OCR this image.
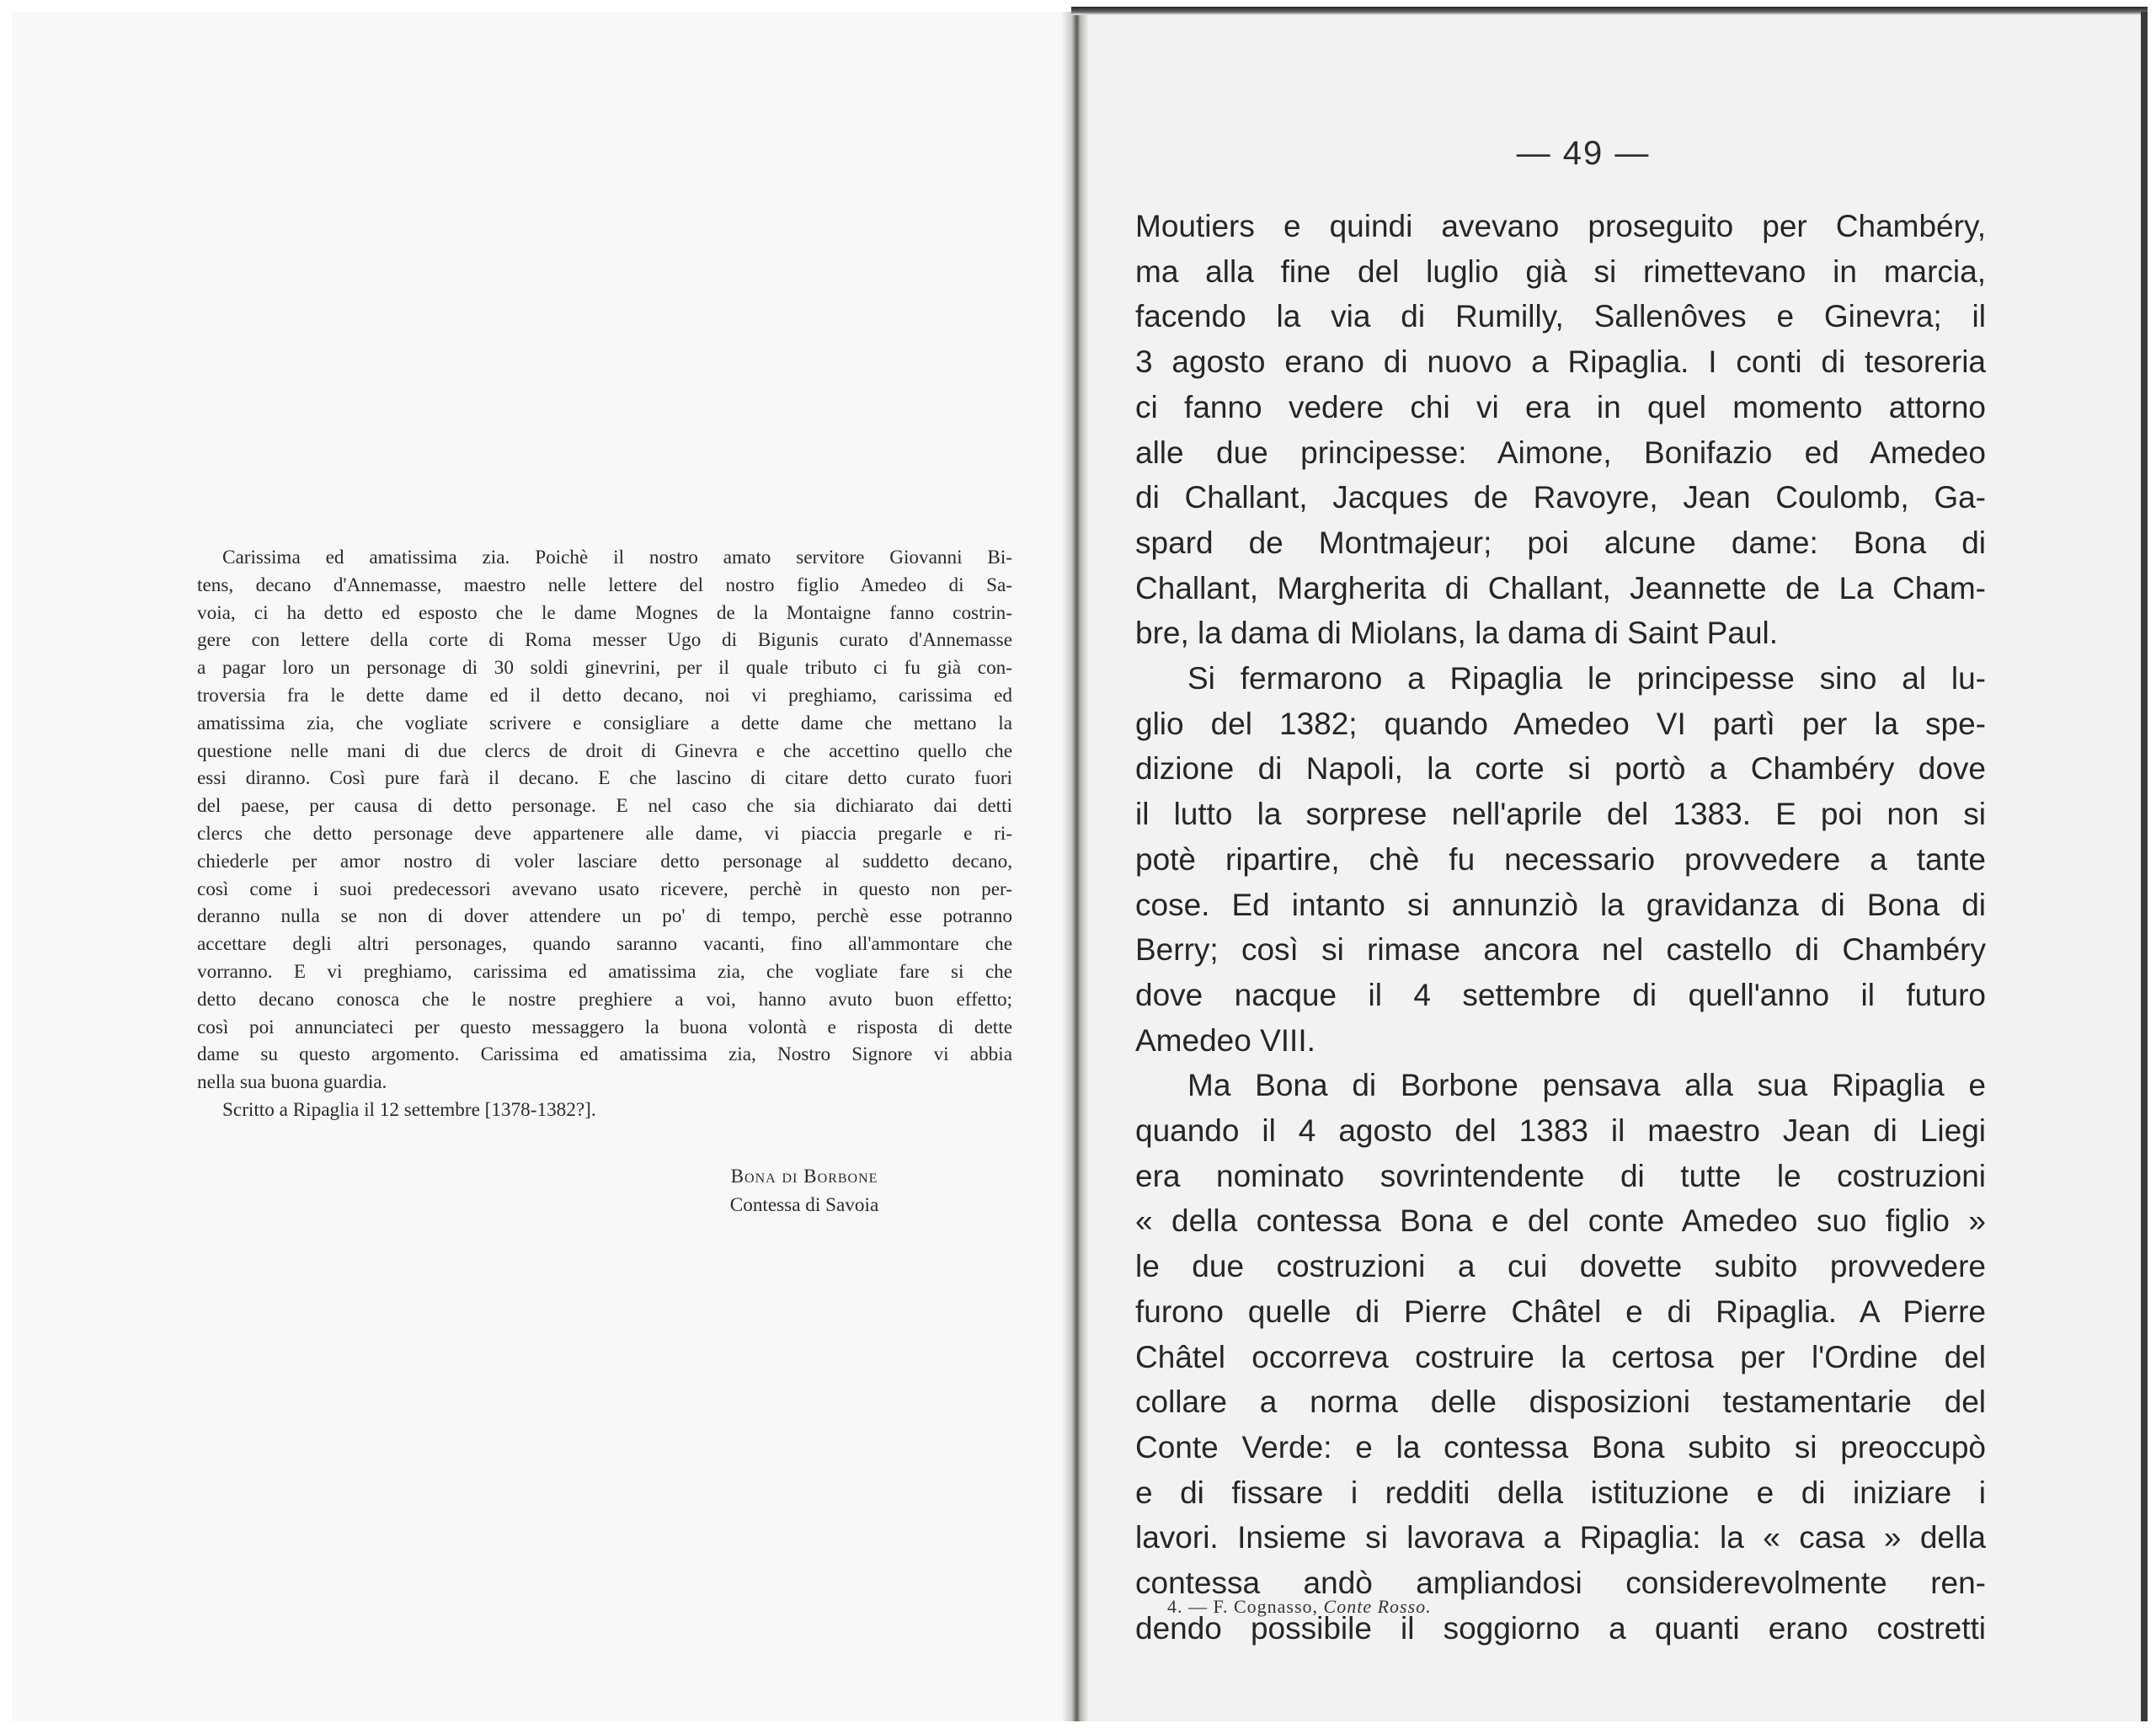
Carissima ed amatissima zia. Poichè il nostro amato servitore Giovanni Bi-
tens, decano d'Annemasse, maestro nelle lettere del nostro figlio Amedeo di Sa-
voia, ci ha detto ed esposto che le dame Mognes de la Montaigne fanno costrin-
gere con lettere della corte di Roma messer Ugo di Bigunis curato d'Annemasse
a pagar loro un personage di 30 soldi ginevrini, per il quale tributo ci fu già con-
troversia fra le dette dame ed il detto decano, noi vi preghiamo, carissima ed
amatissima zia, che vogliate scrivere e consigliare a dette dame che mettano la
questione nelle mani di due clercs de droit di Ginevra e che accettino quello che
essi diranno. Così pure farà il decano. E che lascino di citare detto curato fuori
del paese, per causa di detto personage. E nel caso che sia dichiarato dai detti
clercs che detto personage deve appartenere alle dame, vi piaccia pregarle e ri-
chiederle per amor nostro di voler lasciare detto personage al suddetto decano,
così come i suoi predecessori avevano usato ricevere, perchè in questo non per-
deranno nulla se non di dover attendere un po' di tempo, perchè esse potranno
accettare degli altri personages, quando saranno vacanti, fino all'ammontare che
vorranno. E vi preghiamo, carissima ed amatissima zia, che vogliate fare si che
detto decano conosca che le nostre preghiere a voi, hanno avuto buon effetto;
così poi annunciateci per questo messaggero la buona volontà e risposta di dette
dame su questo argomento. Carissima ed amatissima zia, Nostro Signore vi abbia
nella sua buona guardia.
Scritto a Ripaglia il 12 settembre [1378-1382?].
Bona di Borbone
Contessa di Savoia
— 49 —
Moutiers e quindi avevano proseguito per Chambéry,
ma alla fine del luglio già si rimettevano in marcia,
facendo la via di Rumilly, Sallenôves e Ginevra; il
3 agosto erano di nuovo a Ripaglia. I conti di tesoreria
ci fanno vedere chi vi era in quel momento attorno
alle due principesse: Aimone, Bonifazio ed Amedeo
di Challant, Jacques de Ravoyre, Jean Coulomb, Ga-
spard de Montmajeur; poi alcune dame: Bona di
Challant, Margherita di Challant, Jeannette de La Cham-
bre, la dama di Miolans, la dama di Saint Paul.
Si fermarono a Ripaglia le principesse sino al lu-
glio del 1382; quando Amedeo VI partì per la spe-
dizione di Napoli, la corte si portò a Chambéry dove
il lutto la sorprese nell'aprile del 1383. E poi non si
potè ripartire, chè fu necessario provvedere a tante
cose. Ed intanto si annunziò la gravidanza di Bona di
Berry; così si rimase ancora nel castello di Chambéry
dove nacque il 4 settembre di quell'anno il futuro
Amedeo VIII.
Ma Bona di Borbone pensava alla sua Ripaglia e
quando il 4 agosto del 1383 il maestro Jean di Liegi
era nominato sovrintendente di tutte le costruzioni
« della contessa Bona e del conte Amedeo suo figlio »
le due costruzioni a cui dovette subito provvedere
furono quelle di Pierre Châtel e di Ripaglia. A Pierre
Châtel occorreva costruire la certosa per l'Ordine del
collare a norma delle disposizioni testamentarie del
Conte Verde: e la contessa Bona subito si preoccupò
e di fissare i redditi della istituzione e di iniziare i
lavori. Insieme si lavorava a Ripaglia: la « casa » della
contessa andò ampliandosi considerevolmente ren-
dendo possibile il soggiorno a quanti erano costretti
4. — F. Cognasso, Conte Rosso.
